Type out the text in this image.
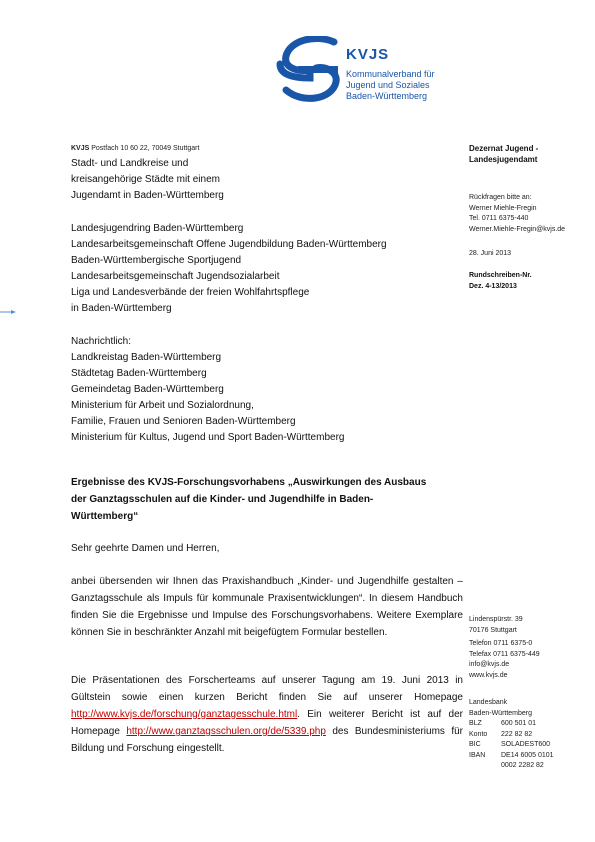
KVJS
Kommunalverband für
Jugend und Soziales
Baden-Württemberg
KVJS Postfach 10 60 22, 70049 Stuttgart
Stadt- und Landkreise und
kreisangehörige Städte mit einem
Jugendamt in Baden-Württemberg
Landesjugendring Baden-Württemberg
Landesarbeitsgemeinschaft Offene Jugendbildung Baden-Württemberg
Baden-Württembergische Sportjugend
Landesarbeitsgemeinschaft Jugendsozialarbeit
Liga und Landesverbände der freien Wohlfahrtspflege
in Baden-Württemberg
Nachrichtlich:
Landkreistag Baden-Württemberg
Städtetag Baden-Württemberg
Gemeindetag Baden-Württemberg
Ministerium für Arbeit und Sozialordnung,
Familie, Frauen und Senioren Baden-Württemberg
Ministerium für Kultus, Jugend und Sport Baden-Württemberg
Dezernat Jugend -
Landesjugendamt
Rückfragen bitte an:
Werner Miehle-Fregin
Tel. 0711 6375-440
Werner.Miehle-Fregin@kvjs.de
28. Juni 2013
Rundschreiben-Nr.
Dez. 4-13/2013
Lindenspürstr. 39
70176 Stuttgart
Telefon 0711 6375-0
Telefax 0711 6375-449
info@kvjs.de
www.kvjs.de
Landesbank
Baden-Württemberg
BLZ	600 501 01
Konto	222 82 82
BIC	SOLADEST600
IBAN	DE14 6005 0101
0002 2282 82
Ergebnisse des KVJS-Forschungsvorhabens „Auswirkungen des Ausbaus der Ganztagsschulen auf die Kinder- und Jugendhilfe in Baden-Württemberg“
Sehr geehrte Damen und Herren,
anbei übersenden wir Ihnen das Praxishandbuch „Kinder- und Jugendhilfe gestalten – Ganztagsschule als Impuls für kommunale Praxisentwicklungen“. In diesem Handbuch finden Sie die Ergebnisse und Impulse des Forschungsvorhabens. Weitere Exemplare können Sie in beschränkter Anzahl mit beigefügtem Formular bestellen.
Die Präsentationen des Forscherteams auf unserer Tagung am 19. Juni 2013 in Gültstein sowie einen kurzen Bericht finden Sie auf unserer Homepage http://www.kvjs.de/forschung/ganztagesschule.html. Ein weiterer Bericht ist auf der Homepage http://www.ganztagsschulen.org/de/5339.php des Bundesministeriums für Bildung und Forschung eingestellt.
